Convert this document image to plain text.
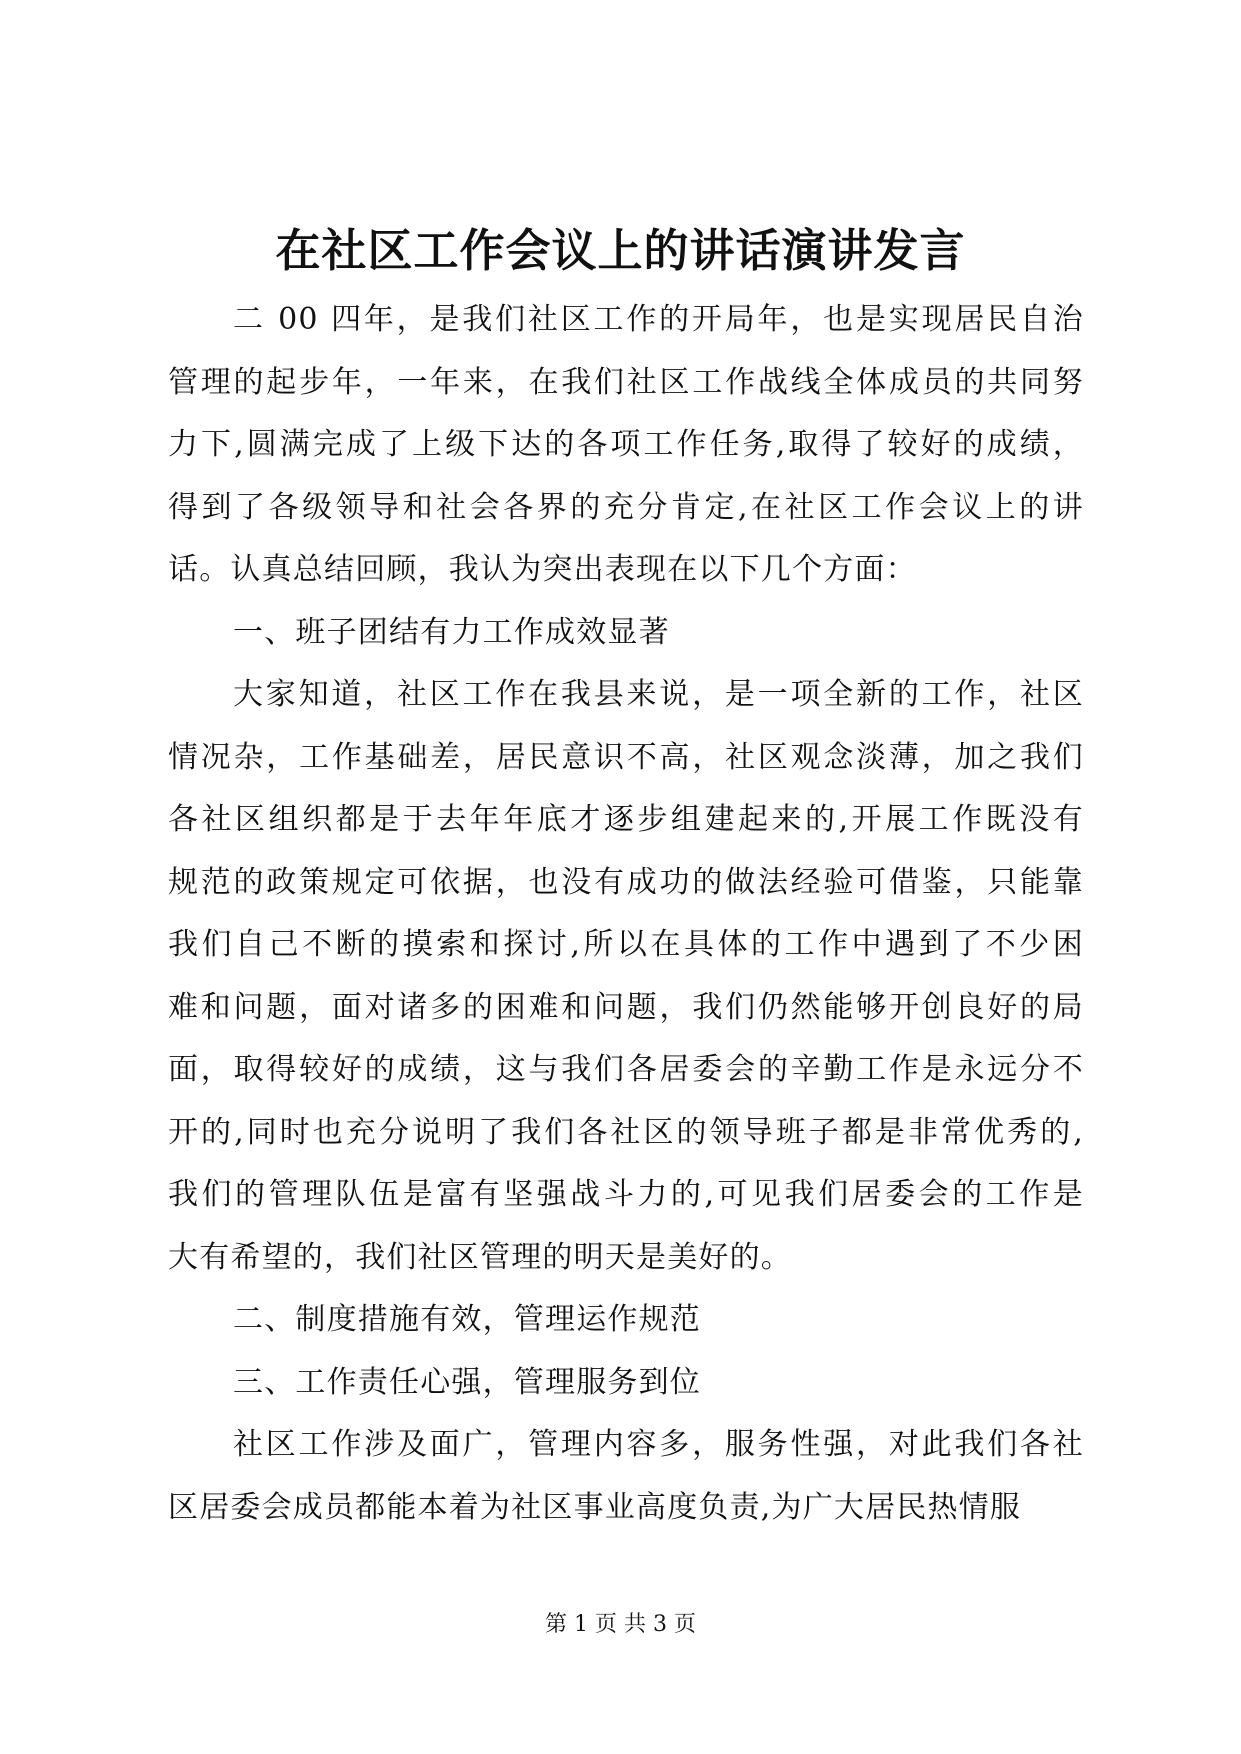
在社区工作会议上的讲话演讲发言
二 00 四年，是我们社区工作的开局年，也是实现居民自治
管理的起步年，一年来，在我们社区工作战线全体成员的共同努
力下,圆满完成了上级下达的各项工作任务,取得了较好的成绩，
得到了各级领导和社会各界的充分肯定,在社区工作会议上的讲
话。认真总结回顾，我认为突出表现在以下几个方面：
一、班子团结有力工作成效显著
大家知道，社区工作在我县来说，是一项全新的工作，社区
情况杂，工作基础差，居民意识不高，社区观念淡薄，加之我们
各社区组织都是于去年年底才逐步组建起来的,开展工作既没有
规范的政策规定可依据，也没有成功的做法经验可借鉴，只能靠
我们自己不断的摸索和探讨,所以在具体的工作中遇到了不少困
难和问题，面对诸多的困难和问题，我们仍然能够开创良好的局
面，取得较好的成绩，这与我们各居委会的辛勤工作是永远分不
开的,同时也充分说明了我们各社区的领导班子都是非常优秀的,
我们的管理队伍是富有坚强战斗力的,可见我们居委会的工作是
大有希望的，我们社区管理的明天是美好的。
二、制度措施有效，管理运作规范
三、工作责任心强，管理服务到位
社区工作涉及面广，管理内容多，服务性强，对此我们各社
区居委会成员都能本着为社区事业高度负责,为广大居民热情服
第 1 页 共 3 页
